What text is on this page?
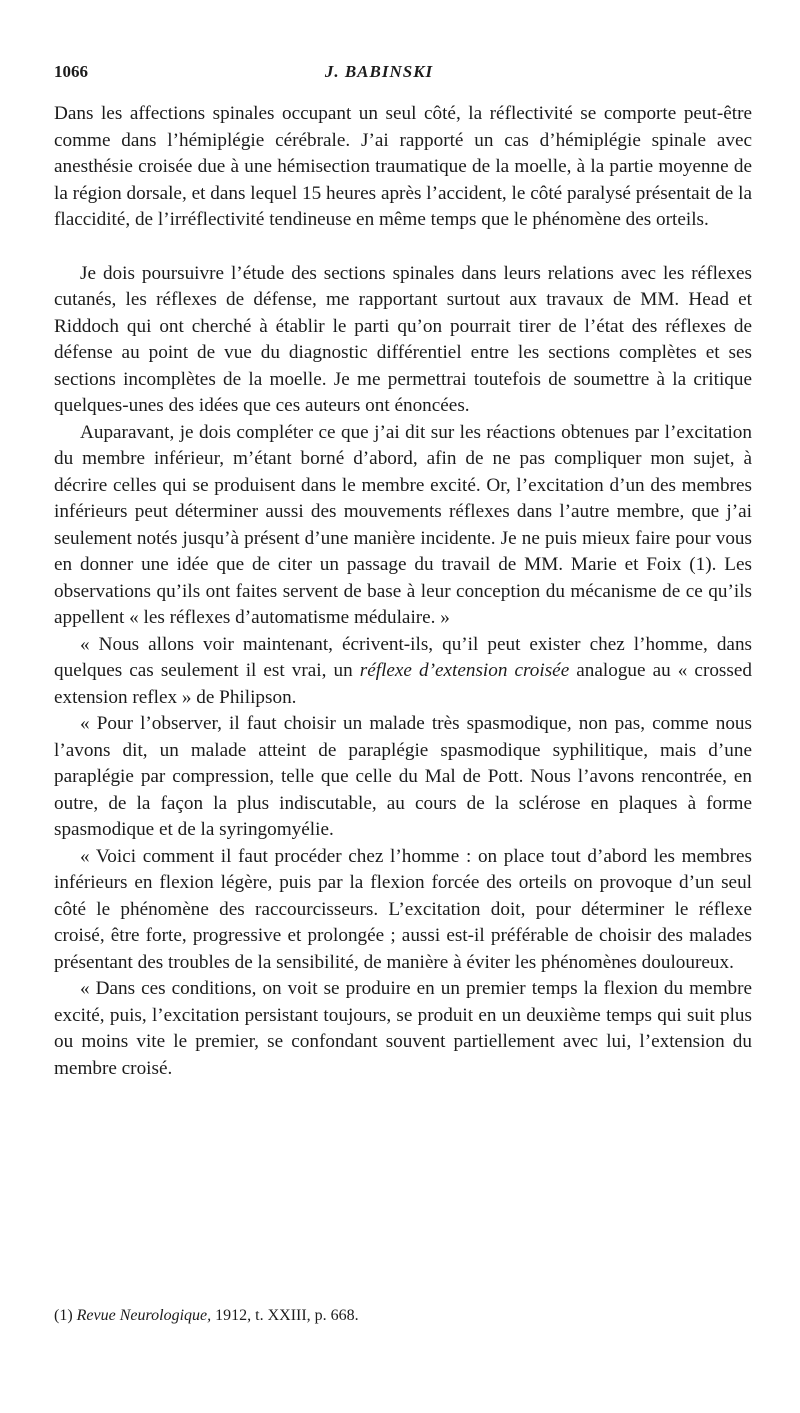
1066	J. BABINSKI

Dans les affections spinales occupant un seul côté, la réflectivité se comporte peut-être comme dans l’hémiplégie cérébrale. J’ai rapporté un cas d’hémiplégie spinale avec anesthésie croisée due à une hémisection traumatique de la moelle, à la partie moyenne de la région dorsale, et dans lequel 15 heures après l’accident, le côté paralysé présentait de la flaccidité, de l’irréflectivité tendineuse en même temps que le phénomène des orteils.

Je dois poursuivre l’étude des sections spinales dans leurs relations avec les réflexes cutanés, les réflexes de défense, me rapportant surtout aux travaux de MM. Head et Riddoch qui ont cherché à établir le parti qu’on pourrait tirer de l’état des réflexes de défense au point de vue du diagnostic différentiel entre les sections complètes et ses sections incomplètes de la moelle. Je me permettrai toutefois de soumettre à la critique quelques-unes des idées que ces auteurs ont énoncées.

Auparavant, je dois compléter ce que j’ai dit sur les réactions obtenues par l’excitation du membre inférieur, m’étant borné d’abord, afin de ne pas compliquer mon sujet, à décrire celles qui se produisent dans le membre excité. Or, l’excitation d’un des membres inférieurs peut déterminer aussi des mouvements réflexes dans l’autre membre, que j’ai seulement notés jusqu’à présent d’une manière incidente. Je ne puis mieux faire pour vous en donner une idée que de citer un passage du travail de MM. Marie et Foix (1). Les observations qu’ils ont faites servent de base à leur conception du mécanisme de ce qu’ils appellent « les réflexes d’automatisme médulaire. »

« Nous allons voir maintenant, écrivent-ils, qu’il peut exister chez l’homme, dans quelques cas seulement il est vrai, un réflexe d’extension croisée analogue au « crossed extension reflex » de Philipson.

« Pour l’observer, il faut choisir un malade très spasmodique, non pas, comme nous l’avons dit, un malade atteint de paraplégie spasmodique syphilitique, mais d’une paraplégie par compression, telle que celle du Mal de Pott. Nous l’avons rencontrée, en outre, de la façon la plus indiscutable, au cours de la sclérose en plaques à forme spasmodique et de la syringomyélie.

« Voici comment il faut procéder chez l’homme : on place tout d’abord les membres inférieurs en flexion légère, puis par la flexion forcée des orteils on provoque d’un seul côté le phénomène des raccourcisseurs. L’excitation doit, pour déterminer le réflexe croisé, être forte, progressive et prolongée ; aussi est-il préférable de choisir des malades présentant des troubles de la sensibilité, de manière à éviter les phénomènes douloureux.

« Dans ces conditions, on voit se produire en un premier temps la flexion du membre excité, puis, l’excitation persistant toujours, se produit en un deuxième temps qui suit plus ou moins vite le premier, se confondant souvent partiellement avec lui, l’extension du membre croisé.

(1) Revue Neurologique, 1912, t. XXIII, p. 668.
